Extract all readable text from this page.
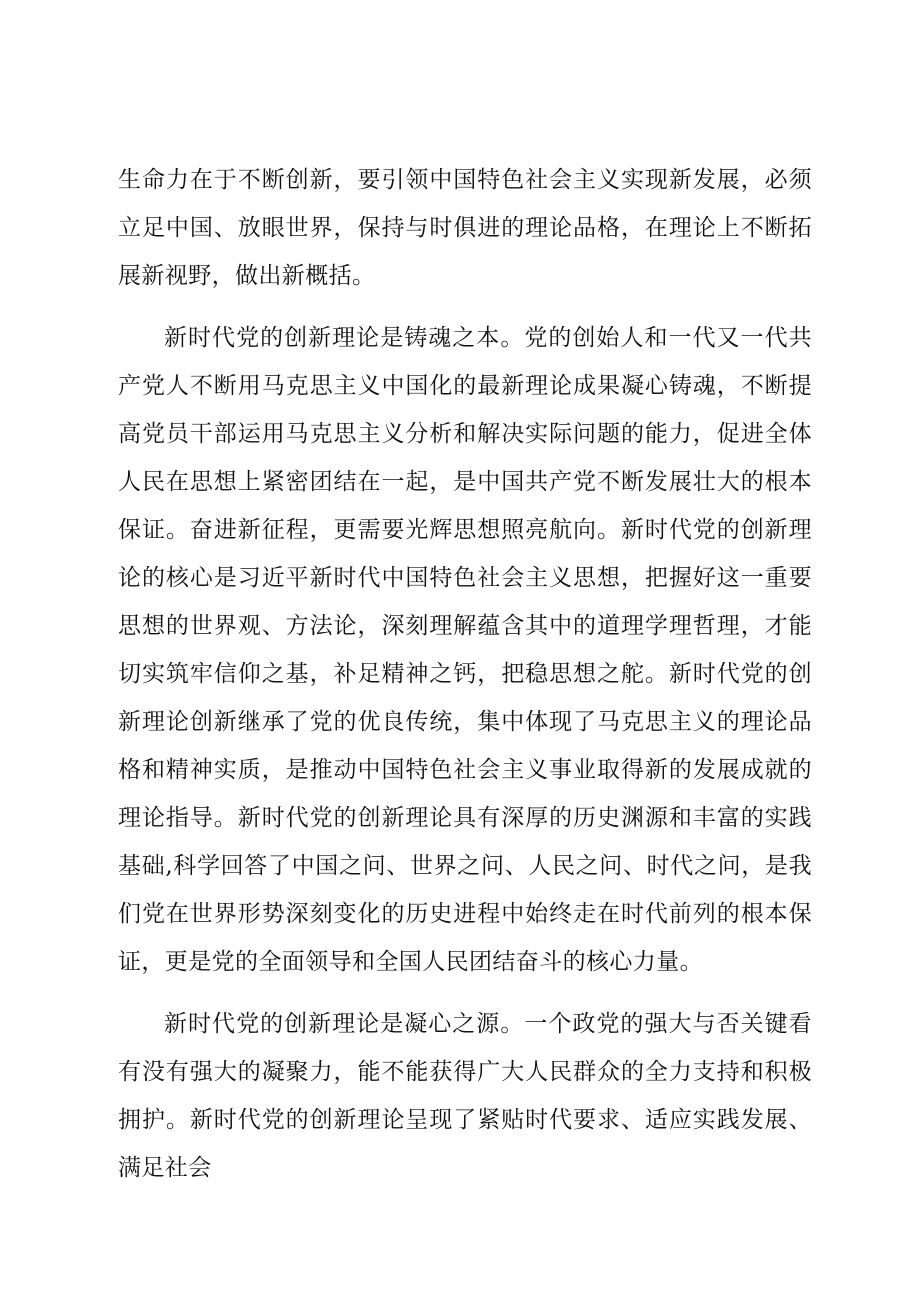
生命力在于不断创新，要引领中国特色社会主义实现新发展，必须立足中国、放眼世界，保持与时俱进的理论品格，在理论上不断拓展新视野，做出新概括。

新时代党的创新理论是铸魂之本。党的创始人和一代又一代共产党人不断用马克思主义中国化的最新理论成果凝心铸魂，不断提高党员干部运用马克思主义分析和解决实际问题的能力，促进全体人民在思想上紧密团结在一起，是中国共产党不断发展壮大的根本保证。奋进新征程，更需要光辉思想照亮航向。新时代党的创新理论的核心是习近平新时代中国特色社会主义思想，把握好这一重要思想的世界观、方法论，深刻理解蕴含其中的道理学理哲理，才能切实筑牢信仰之基，补足精神之钙，把稳思想之舵。新时代党的创新理论创新继承了党的优良传统，集中体现了马克思主义的理论品格和精神实质，是推动中国特色社会主义事业取得新的发展成就的理论指导。新时代党的创新理论具有深厚的历史渊源和丰富的实践基础,科学回答了中国之问、世界之问、人民之问、时代之问，是我们党在世界形势深刻变化的历史进程中始终走在时代前列的根本保证，更是党的全面领导和全国人民团结奋斗的核心力量。

新时代党的创新理论是凝心之源。一个政党的强大与否关键看有没有强大的凝聚力，能不能获得广大人民群众的全力支持和积极拥护。新时代党的创新理论呈现了紧贴时代要求、适应实践发展、满足社会
